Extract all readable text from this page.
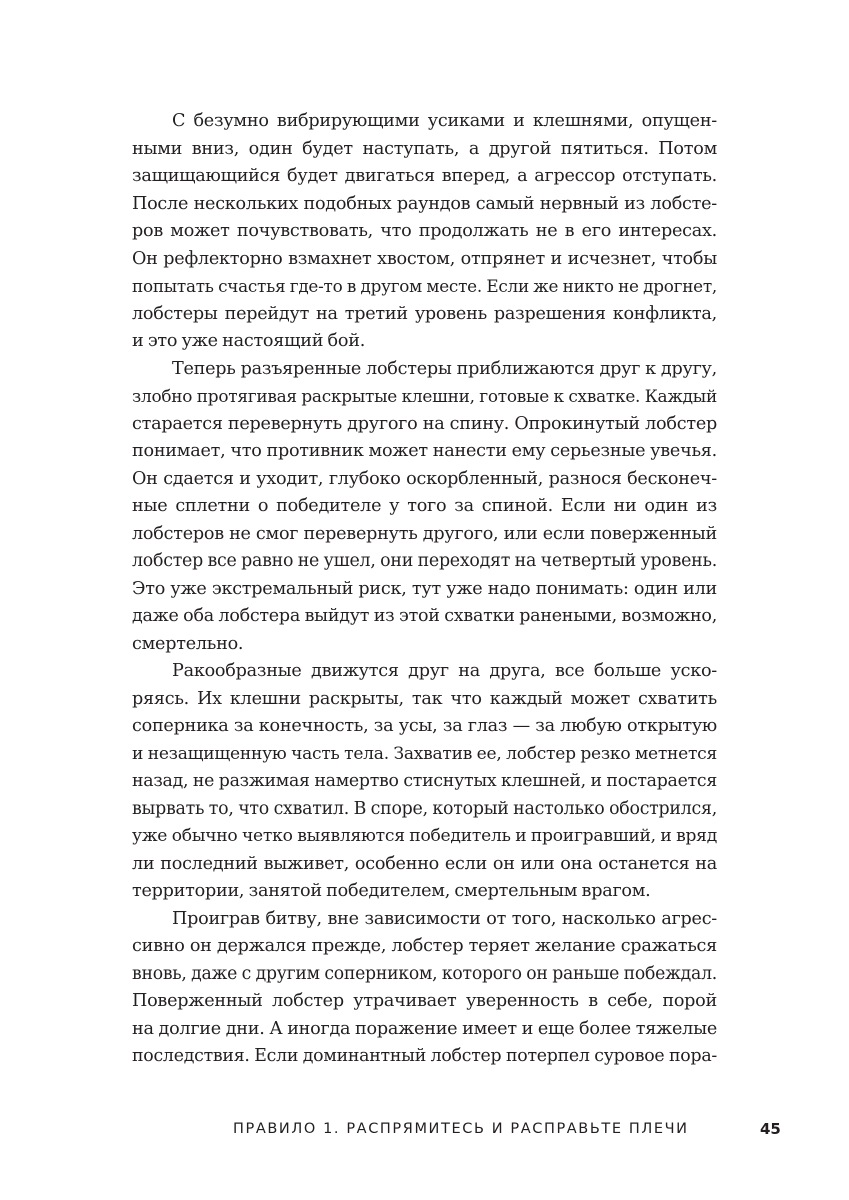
С безумно вибрирующими усиками и клешнями, опущен-
ными вниз, один будет наступать, а другой пятиться. Потом
защищающийся будет двигаться вперед, а агрессор отступать.
После нескольких подобных раундов самый нервный из лобсте-
ров может почувствовать, что продолжать не в его интересах.
Он рефлекторно взмахнет хвостом, отпрянет и исчезнет, чтобы
попытать счастья где-то в другом месте. Если же никто не дрогнет,
лобстеры перейдут на третий уровень разрешения конфликта,
и это уже настоящий бой.
Теперь разъяренные лобстеры приближаются друг к другу,
злобно протягивая раскрытые клешни, готовые к схватке. Каждый
старается перевернуть другого на спину. Опрокинутый лобстер
понимает, что противник может нанести ему серьезные увечья.
Он сдается и уходит, глубоко оскорбленный, разнося бесконеч-
ные сплетни о победителе у того за спиной. Если ни один из
лобстеров не смог перевернуть другого, или если поверженный
лобстер все равно не ушел, они переходят на четвертый уровень.
Это уже экстремальный риск, тут уже надо понимать: один или
даже оба лобстера выйдут из этой схватки ранеными, возможно,
смертельно.
Ракообразные движутся друг на друга, все больше уско-
ряясь. Их клешни раскрыты, так что каждый может схватить
соперника за конечность, за усы, за глаз — за любую открытую
и незащищенную часть тела. Захватив ее, лобстер резко метнется
назад, не разжимая намертво стиснутых клешней, и постарается
вырвать то, что схватил. В споре, который настолько обострился,
уже обычно четко выявляются победитель и проигравший, и вряд
ли последний выживет, особенно если он или она останется на
территории, занятой победителем, смертельным врагом.
Проиграв битву, вне зависимости от того, насколько агрес-
сивно он держался прежде, лобстер теряет желание сражаться
вновь, даже с другим соперником, которого он раньше побеждал.
Поверженный лобстер утрачивает уверенность в себе, порой
на долгие дни. А иногда поражение имеет и еще более тяжелые
последствия. Если доминантный лобстер потерпел суровое пора-
ПРАВИЛО 1. РАСПРЯМИТЕСЬ И РАСПРАВЬТЕ ПЛЕЧИ	45
